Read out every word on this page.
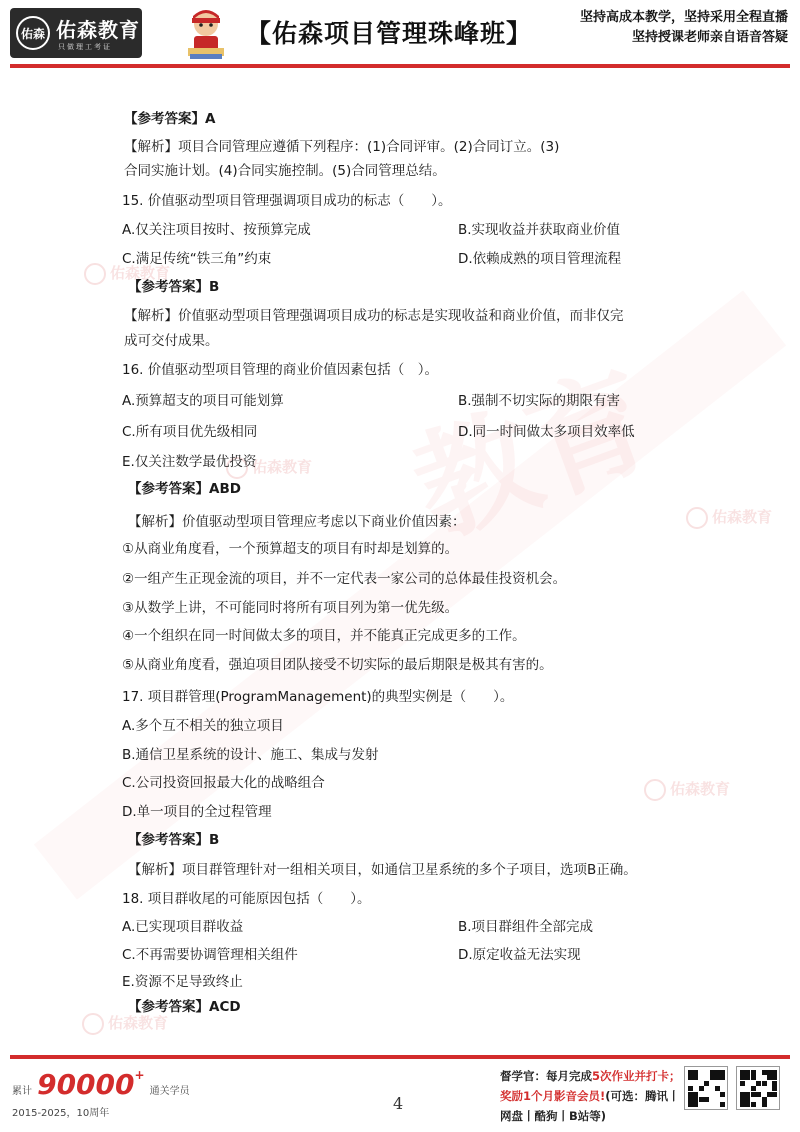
佑森 佑森教育
只做理工考证	【佑森项目管理珠峰班】
坚持高成本教学，坚持采用全程直播
坚持授课老师亲自语音答疑
佑森教育
佑森教育
佑森教育
佑森教育
佑森教育
【参考答案】A
【解析】项目合同管理应遵循下列程序：(1)合同评审。(2)合同订立。(3)
合同实施计划。(4)合同实施控制。(5)合同管理总结。
15. 价值驱动型项目管理强调项目成功的标志（　　）。
A.仅关注项目按时、按预算完成	B.实现收益并获取商业价值
C.满足传统“铁三角”约束	D.依赖成熟的项目管理流程
【参考答案】B
【解析】价值驱动型项目管理强调项目成功的标志是实现收益和商业价值，而非仅完
成可交付成果。
16. 价值驱动型项目管理的商业价值因素包括（　）。
A.预算超支的项目可能划算	B.强制不切实际的期限有害
C.所有项目优先级相同	D.同一时间做太多项目效率低
E.仅关注数学最优投资
【参考答案】ABD
【解析】价值驱动型项目管理应考虑以下商业价值因素：
①从商业角度看，一个预算超支的项目有时却是划算的。
②一组产生正现金流的项目，并不一定代表一家公司的总体最佳投资机会。
③从数学上讲，不可能同时将所有项目列为第一优先级。
④一个组织在同一时间做太多的项目，并不能真正完成更多的工作。
⑤从商业角度看，强迫项目团队接受不切实际的最后期限是极其有害的。
17. 项目群管理(ProgramManagement)的典型实例是（　　）。
A.多个互不相关的独立项目
B.通信卫星系统的设计、施工、集成与发射
C.公司投资回报最大化的战略组合
D.单一项目的全过程管理
【参考答案】B
【解析】项目群管理针对一组相关项目，如通信卫星系统的多个子项目，选项B正确。
18. 项目群收尾的可能原因包括（　　）。
A.已实现项目群收益	B.项目群组件全部完成
C.不再需要协调管理相关组件	D.原定收益无法实现
E.资源不足导致终止
【参考答案】ACD
累计 90000+ 通关学员
2015-2025，10周年
4
督学官：每月完成5次作业并打卡；
奖励1个月影音会员!(可选：腾讯丨
网盘丨酷狗丨B站等)
